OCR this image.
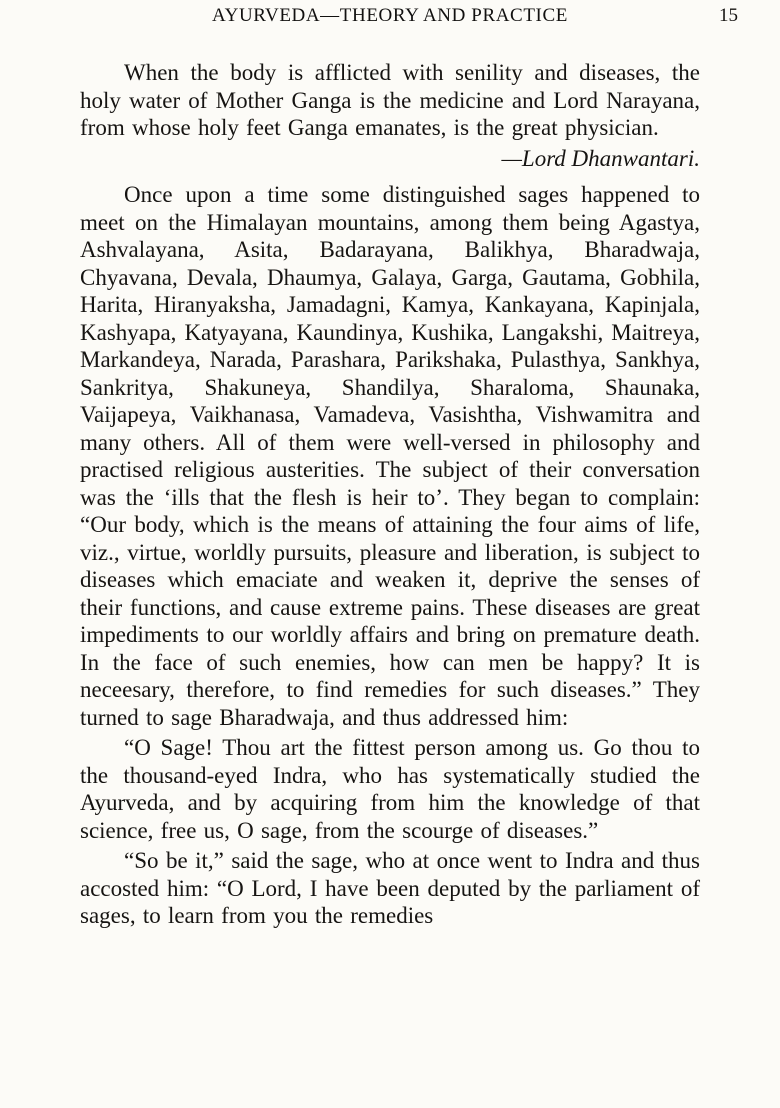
AYURVEDA—THEORY AND PRACTICE	15

When the body is afflicted with senility and diseases, the holy water of Mother Ganga is the medicine and Lord Narayana, from whose holy feet Ganga emanates, is the great physician.

—Lord Dhanwantari.

Once upon a time some distinguished sages happened to meet on the Himalayan mountains, among them being Agastya, Ashvalayana, Asita, Badarayana, Balikhya, Bharadwaja, Chyavana, Devala, Dhaumya, Galaya, Garga, Gautama, Gobhila, Harita, Hiranyaksha, Jamadagni, Kamya, Kankayana, Kapinjala, Kashyapa, Katyayana, Kaundinya, Kushika, Langakshi, Maitreya, Markandeya, Narada, Parashara, Parikshaka, Pulasthya, Sankhya, Sankritya, Shakuneya, Shandilya, Sharaloma, Shaunaka, Vaijapeya, Vaikhanasa, Vamadeva, Vasishtha, Vishwamitra and many others. All of them were well-versed in philosophy and practised religious austerities. The subject of their conversation was the ‘ills that the flesh is heir to’. They began to complain: “Our body, which is the means of attaining the four aims of life, viz., virtue, worldly pursuits, pleasure and liberation, is subject to diseases which emaciate and weaken it, deprive the senses of their functions, and cause extreme pains. These diseases are great impediments to our worldly affairs and bring on premature death. In the face of such enemies, how can men be happy? It is neceesary, therefore, to find remedies for such diseases.” They turned to sage Bharadwaja, and thus addressed him:

“O Sage! Thou art the fittest person among us. Go thou to the thousand-eyed Indra, who has systematically studied the Ayurveda, and by acquiring from him the knowledge of that science, free us, O sage, from the scourge of diseases.”

“So be it,” said the sage, who at once went to Indra and thus accosted him: “O Lord, I have been deputed by the parliament of sages, to learn from you the remedies
